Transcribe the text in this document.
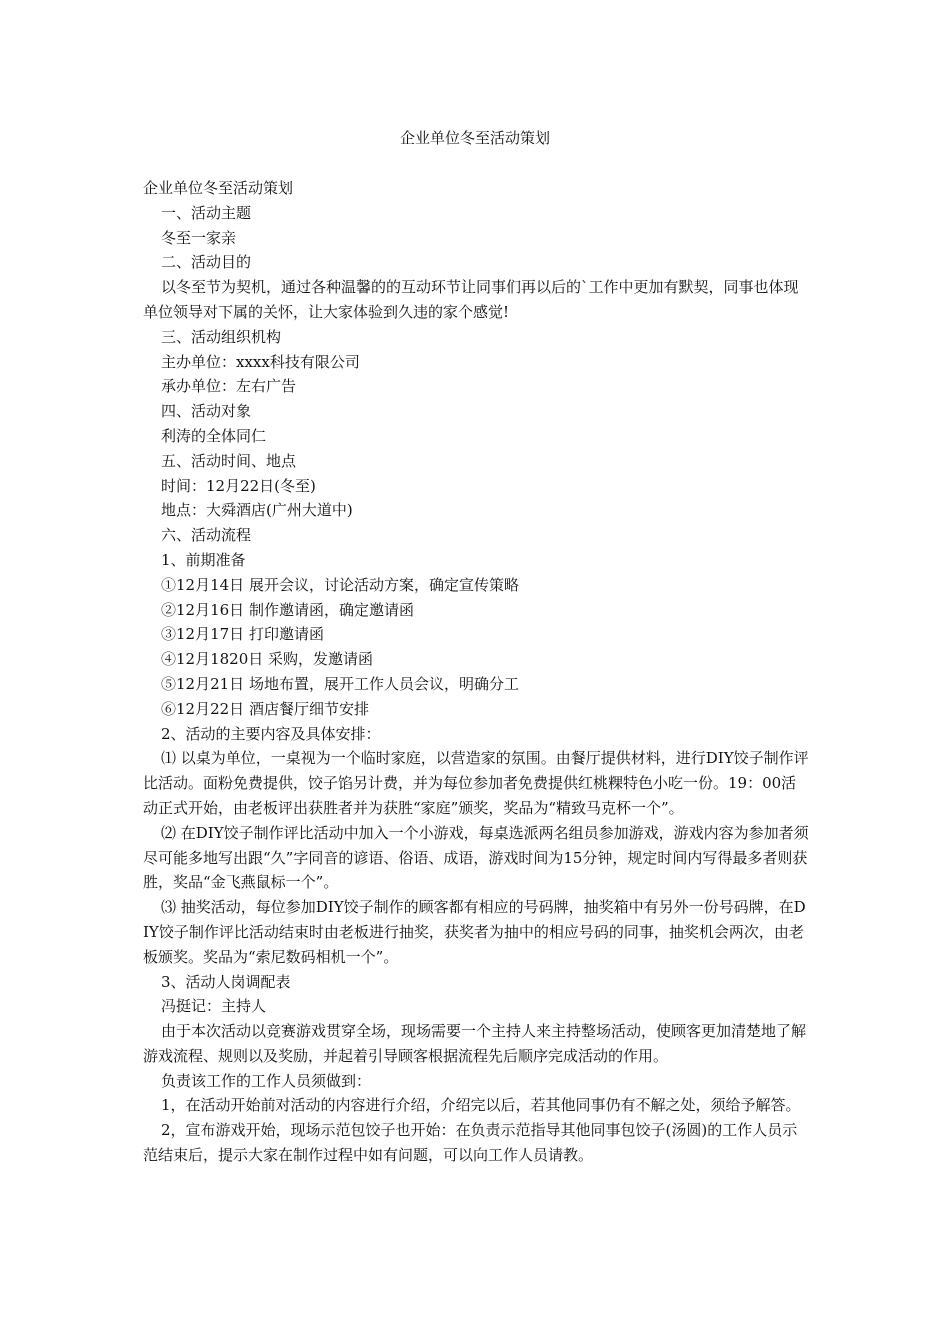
企业单位冬至活动策划

企业单位冬至活动策划

一、活动主题

冬至一家亲

二、活动目的

以冬至节为契机，通过各种温馨的的互动环节让同事们再以后的`工作中更加有默契，同事也体现单位领导对下属的关怀，让大家体验到久违的家个感觉!

三、活动组织机构

主办单位：xxxx科技有限公司

承办单位：左右广告

四、活动对象

利涛的全体同仁

五、活动时间、地点

时间：12月22日(冬至)

地点：大舜酒店(广州大道中)

六、活动流程

1、前期准备

①12月14日 展开会议，讨论活动方案，确定宣传策略

②12月16日 制作邀请函，确定邀请函

③12月17日 打印邀请函

④12月1820日 采购，发邀请函

⑤12月21日 场地布置，展开工作人员会议，明确分工

⑥12月22日 酒店餐厅细节安排

2、活动的主要内容及具体安排：

⑴ 以桌为单位，一桌视为一个临时家庭，以营造家的氛围。由餐厅提供材料，进行DIY饺子制作评比活动。面粉免费提供，饺子馅另计费，并为每位参加者免费提供红桃粿特色小吃一份。19：00活动正式开始，由老板评出获胜者并为获胜“家庭”颁奖，奖品为“精致马克杯一个”。

⑵ 在DIY饺子制作评比活动中加入一个小游戏，每桌选派两名组员参加游戏，游戏内容为参加者须尽可能多地写出跟“久”字同音的谚语、俗语、成语，游戏时间为15分钟，规定时间内写得最多者则获胜，奖品“金飞燕鼠标一个”。

⑶ 抽奖活动，每位参加DIY饺子制作的顾客都有相应的号码牌，抽奖箱中有另外一份号码牌，在DIY饺子制作评比活动结束时由老板进行抽奖，获奖者为抽中的相应号码的同事，抽奖机会两次，由老板颁奖。奖品为“索尼数码相机一个”。

3、活动人岗调配表

冯挺记：主持人

由于本次活动以竞赛游戏贯穿全场，现场需要一个主持人来主持整场活动，使顾客更加清楚地了解游戏流程、规则以及奖励，并起着引导顾客根据流程先后顺序完成活动的作用。

负责该工作的工作人员须做到：

1，在活动开始前对活动的内容进行介绍，介绍完以后，若其他同事仍有不解之处，须给予解答。

2，宣布游戏开始，现场示范包饺子也开始：在负责示范指导其他同事包饺子(汤圆)的工作人员示范结束后，提示大家在制作过程中如有问题，可以向工作人员请教。
